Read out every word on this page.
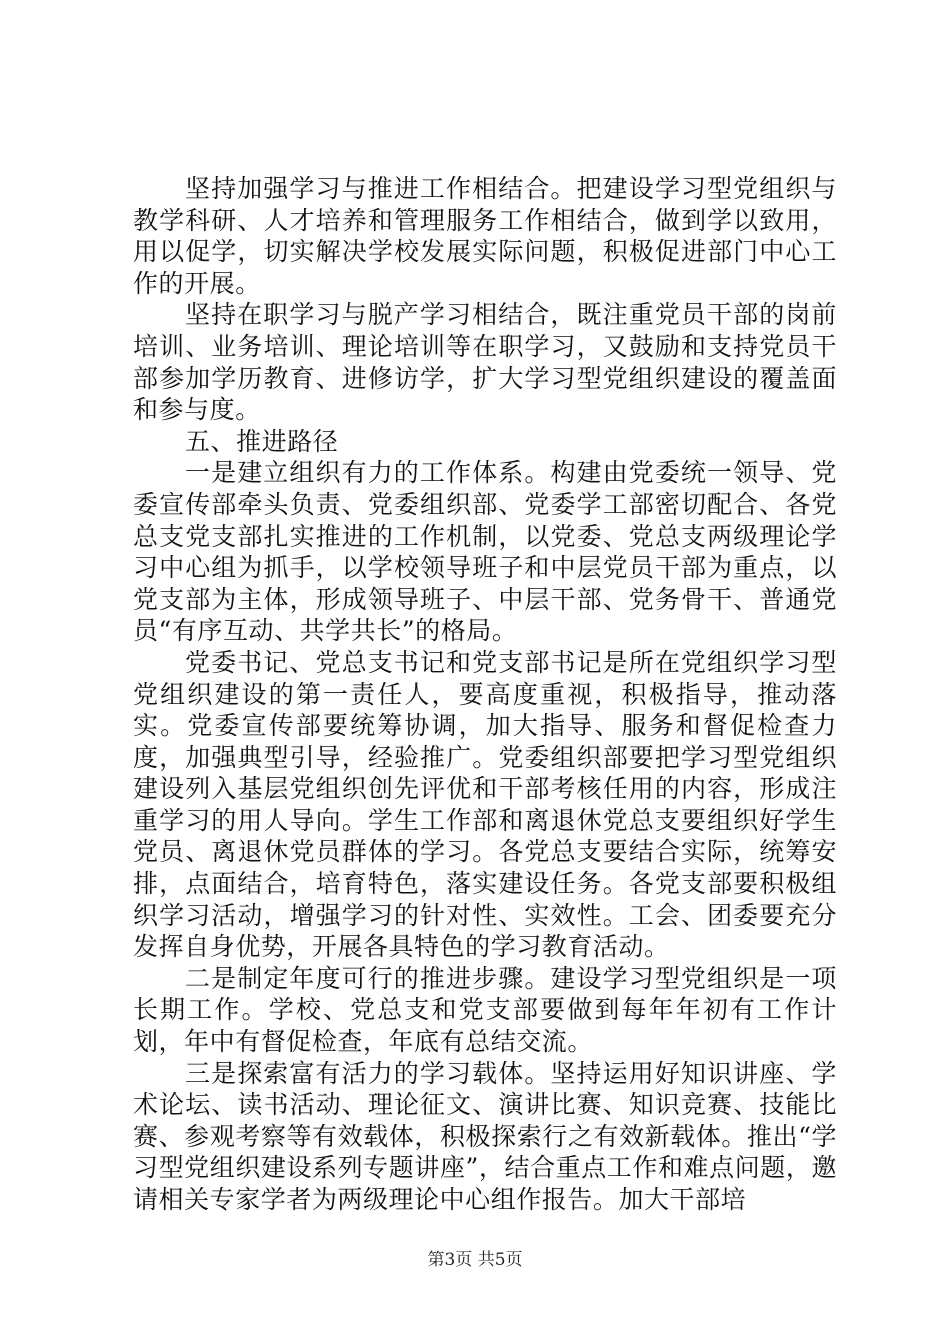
坚持加强学习与推进工作相结合。把建设学习型党组织与教学科研、人才培养和管理服务工作相结合，做到学以致用，用以促学，切实解决学校发展实际问题，积极促进部门中心工作的开展。

坚持在职学习与脱产学习相结合，既注重党员干部的岗前培训、业务培训、理论培训等在职学习，又鼓励和支持党员干部参加学历教育、进修访学，扩大学习型党组织建设的覆盖面和参与度。

五、推进路径

一是建立组织有力的工作体系。构建由党委统一领导、党委宣传部牵头负责、党委组织部、党委学工部密切配合、各党总支党支部扎实推进的工作机制，以党委、党总支两级理论学习中心组为抓手，以学校领导班子和中层党员干部为重点，以党支部为主体，形成领导班子、中层干部、党务骨干、普通党员“有序互动、共学共长”的格局。

党委书记、党总支书记和党支部书记是所在党组织学习型党组织建设的第一责任人，要高度重视，积极指导，推动落实。党委宣传部要统筹协调，加大指导、服务和督促检查力度，加强典型引导，经验推广。党委组织部要把学习型党组织建设列入基层党组织创先评优和干部考核任用的内容，形成注重学习的用人导向。学生工作部和离退休党总支要组织好学生党员、离退休党员群体的学习。各党总支要结合实际，统筹安排，点面结合，培育特色，落实建设任务。各党支部要积极组织学习活动，增强学习的针对性、实效性。工会、团委要充分发挥自身优势，开展各具特色的学习教育活动。

二是制定年度可行的推进步骤。建设学习型党组织是一项长期工作。学校、党总支和党支部要做到每年年初有工作计划，年中有督促检查，年底有总结交流。

三是探索富有活力的学习载体。坚持运用好知识讲座、学术论坛、读书活动、理论征文、演讲比赛、知识竞赛、技能比赛、参观考察等有效载体，积极探索行之有效新载体。推出“学习型党组织建设系列专题讲座”，结合重点工作和难点问题，邀请相关专家学者为两级理论中心组作报告。加大干部培

第3页 共5页
